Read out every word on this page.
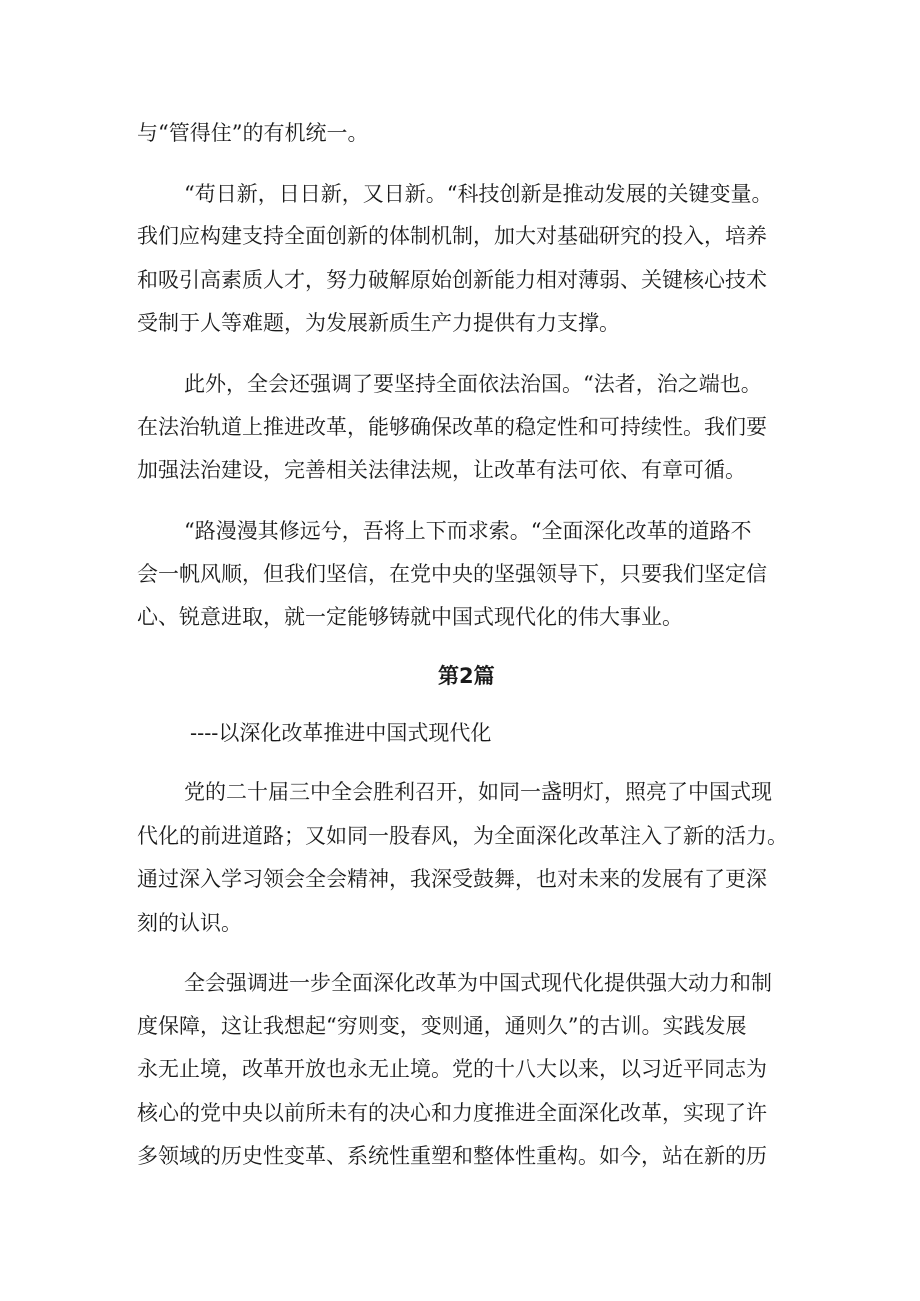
与“管得住”的有机统一。

“苟日新，日日新，又日新。“科技创新是推动发展的关键变量。

我们应构建支持全面创新的体制机制，加大对基础研究的投入，培养

和吸引高素质人才，努力破解原始创新能力相对薄弱、关键核心技术

受制于人等难题，为发展新质生产力提供有力支撑。

此外，全会还强调了要坚持全面依法治国。“法者，治之端也。

在法治轨道上推进改革，能够确保改革的稳定性和可持续性。我们要

加强法治建设，完善相关法律法规，让改革有法可依、有章可循。

“路漫漫其修远兮，吾将上下而求索。“全面深化改革的道路不

会一帆风顺，但我们坚信，在党中央的坚强领导下，只要我们坚定信

心、锐意进取，就一定能够铸就中国式现代化的伟大事业。

第2篇

----以深化改革推进中国式现代化

党的二十届三中全会胜利召开，如同一盏明灯，照亮了中国式现

代化的前进道路；又如同一股春风，为全面深化改革注入了新的活力。

通过深入学习领会全会精神，我深受鼓舞，也对未来的发展有了更深

刻的认识。

全会强调进一步全面深化改革为中国式现代化提供强大动力和制

度保障，这让我想起“穷则变，变则通，通则久”的古训。实践发展

永无止境，改革开放也永无止境。党的十八大以来，以习近平同志为

核心的党中央以前所未有的决心和力度推进全面深化改革，实现了许

多领域的历史性变革、系统性重塑和整体性重构。如今，站在新的历
